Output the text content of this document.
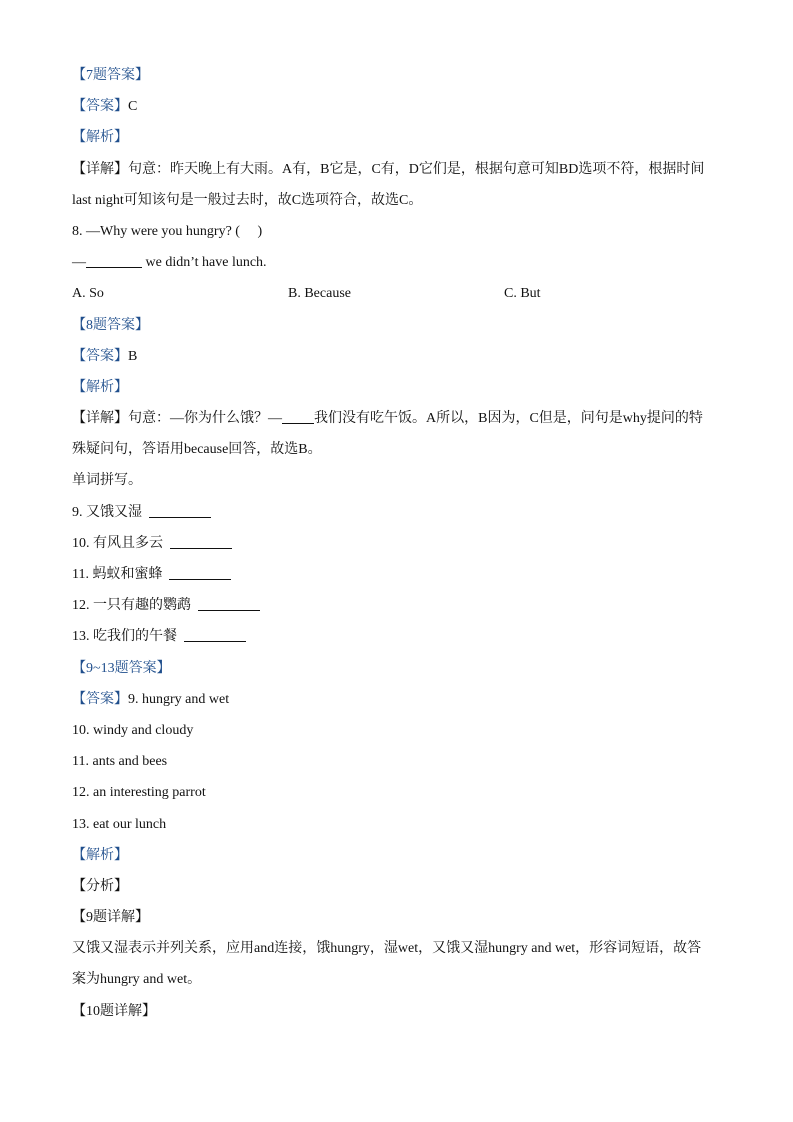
【7题答案】
【答案】C
【解析】
【详解】句意：昨天晚上有大雨。A有，B它是，C有，D它们是，根据句意可知BD选项不符，根据时间
last night可知该句是一般过去时，故C选项符合，故选C。
8. —Why were you hungry? (　 )
—	we didn’t have lunch.
A. So	B. Because	C. But
【8题答案】
【答案】B
【解析】
【详解】句意：—你为什么饿？— 我们没有吃午饭。A所以，B因为，C但是，问句是why提问的特
殊疑问句，答语用because回答，故选B。
单词拼写。
9. 又饿又湿
10. 有风且多云
11. 蚂蚁和蜜蜂
12. 一只有趣的鹦鹉
13. 吃我们的午餐
【9~13题答案】
【答案】9. hungry and wet
10. windy and cloudy
11. ants and bees
12. an interesting parrot
13. eat our lunch
【解析】
【分析】
【9题详解】
又饿又湿表示并列关系，应用and连接，饿hungry，湿wet，又饿又湿hungry and wet，形容词短语，故答
案为hungry and wet。
【10题详解】
